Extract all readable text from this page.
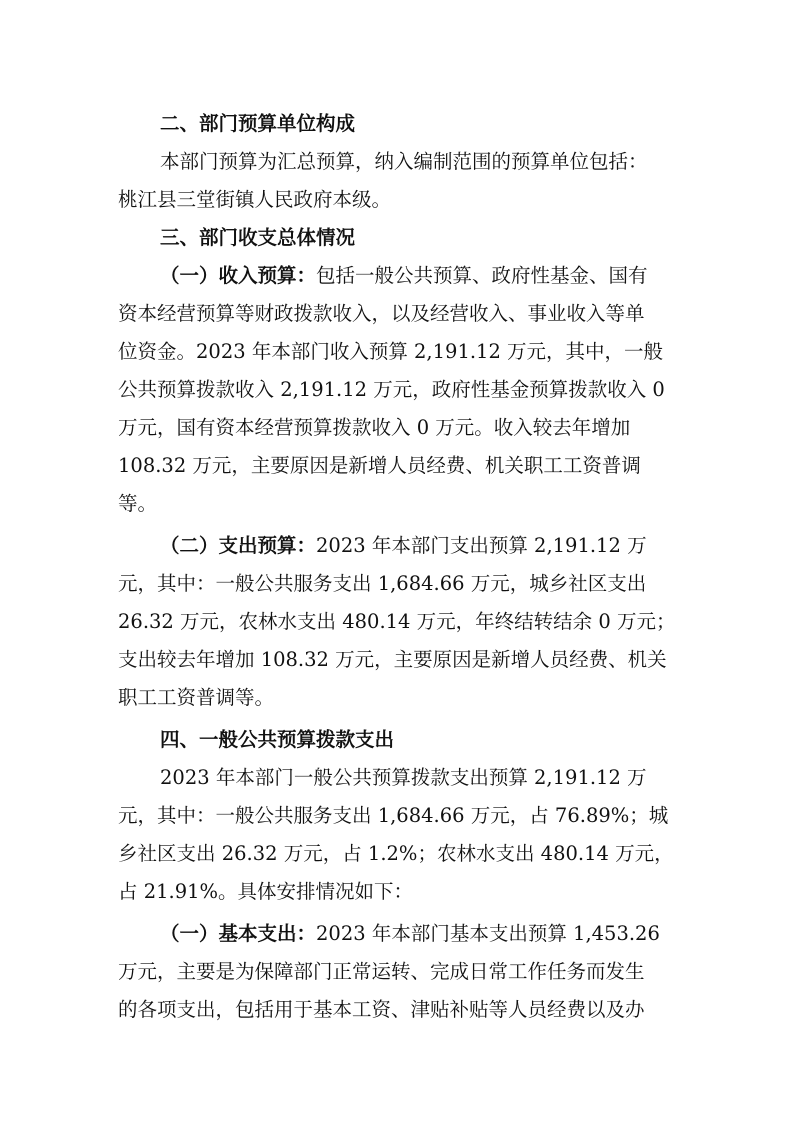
二、部门预算单位构成
本部门预算为汇总预算，纳入编制范围的预算单位包括：
桃江县三堂街镇人民政府本级。
三、部门收支总体情况
（一）收入预算：包括一般公共预算、政府性基金、国有
资本经营预算等财政拨款收入，以及经营收入、事业收入等单
位资金。2023 年本部门收入预算 2,191.12 万元，其中，一般
公共预算拨款收入 2,191.12 万元，政府性基金预算拨款收入 0
万元，国有资本经营预算拨款收入 0 万元。收入较去年增加
108.32 万元，主要原因是新增人员经费、机关职工工资普调
等。
（二）支出预算：2023 年本部门支出预算 2,191.12 万
元，其中：一般公共服务支出 1,684.66 万元，城乡社区支出
26.32 万元，农林水支出 480.14 万元，年终结转结余 0 万元；
支出较去年增加 108.32 万元，主要原因是新增人员经费、机关
职工工资普调等。
四、一般公共预算拨款支出
2023 年本部门一般公共预算拨款支出预算 2,191.12 万
元，其中：一般公共服务支出 1,684.66 万元，占 76.89%；城
乡社区支出 26.32 万元，占 1.2%；农林水支出 480.14 万元，
占 21.91%。具体安排情况如下：
（一）基本支出：2023 年本部门基本支出预算 1,453.26
万元，主要是为保障部门正常运转、完成日常工作任务而发生
的各项支出，包括用于基本工资、津贴补贴等人员经费以及办
